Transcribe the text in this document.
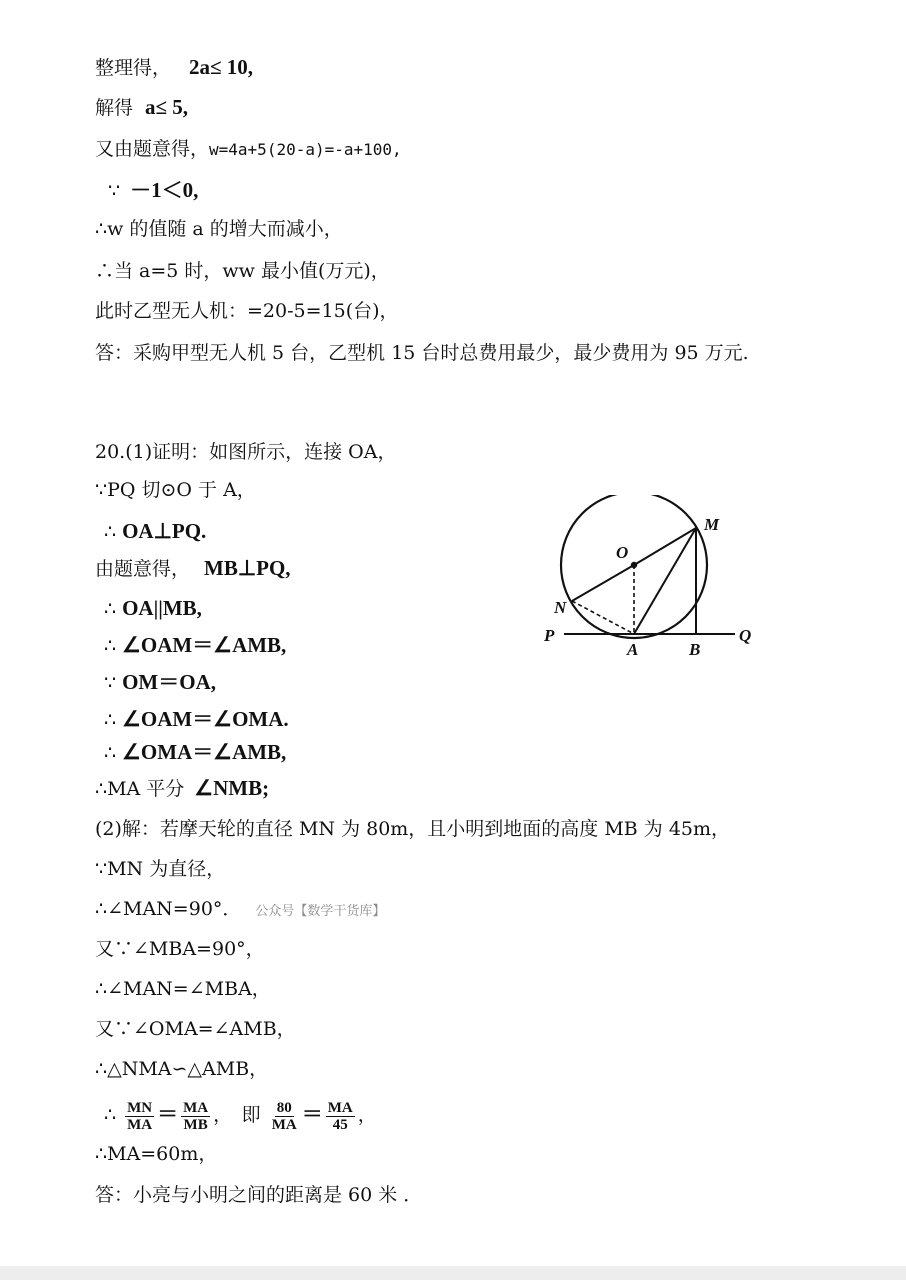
整理得， 2a≤ 10,
解得 a≤ 5,
又由题意得，w=4a+5(20-a)=-a+100,
∵ －1＜0,
∴w 的值随 a 的增大而减小，
∴当 a=5 时，ww 最小值(万元)，
此时乙型无人机：=20-5=15(台)，
答：采购甲型无人机 5 台，乙型机 15 台时总费用最少，最少费用为 95 万元.
20.(1)证明：如图所示，连接 OA，
∵PQ 切⊙O 于 A，
∴ OA⊥PQ.
由题意得， MB⊥PQ,
∴ OA||MB,
∴ ∠OAM＝∠AMB,
∵ OM＝OA,
∴ ∠OAM＝∠OMA.
∴ ∠OMA＝∠AMB,
∴MA 平分 ∠NMB;
(2)解：若摩天轮的直径 MN 为 80m，且小明到地面的高度 MB 为 45m，
∵MN 为直径，
∴∠MAN=90°． 公众号【数学干货库】
又∵∠MBA=90°，
∴∠MAN=∠MBA，
又∵∠OMA=∠AMB，
∴△NMA∽△AMB，
∴ $\frac{MN}{MA} = \frac{MA}{MB}$ ，　即 $\frac{80}{MA} = \frac{MA}{45}$ ，
∴MA=60m，
答：小亮与小明之间的距离是 60 米 ．
O
M
N
P
A	B
Q
